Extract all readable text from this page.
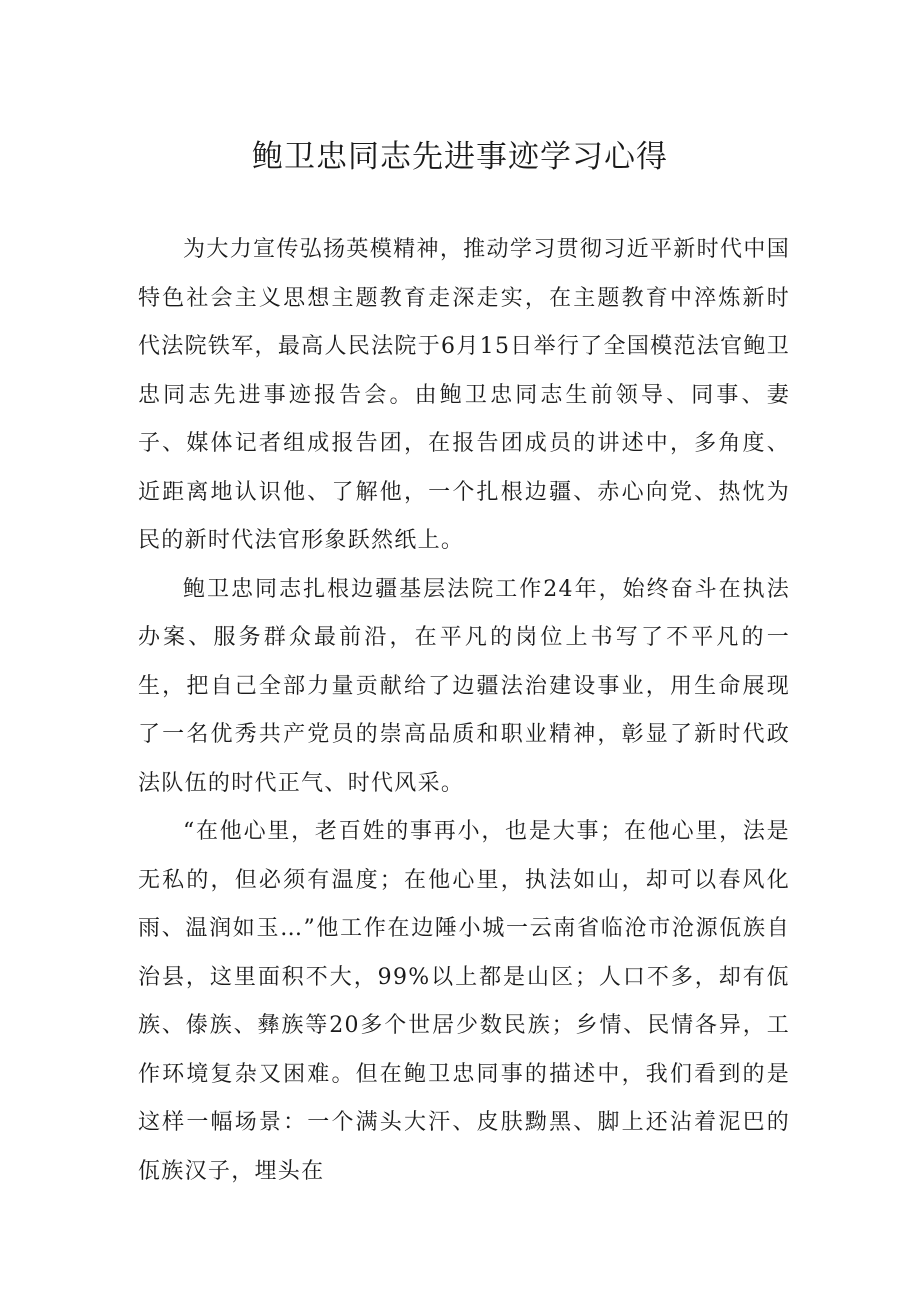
鲍卫忠同志先进事迹学习心得

为大力宣传弘扬英模精神，推动学习贯彻习近平新时代中国特色社会主义思想主题教育走深走实，在主题教育中淬炼新时代法院铁军，最高人民法院于6月15日举行了全国模范法官鲍卫忠同志先进事迹报告会。由鲍卫忠同志生前领导、同事、妻子、媒体记者组成报告团，在报告团成员的讲述中，多角度、近距离地认识他、了解他，一个扎根边疆、赤心向党、热忱为民的新时代法官形象跃然纸上。

鲍卫忠同志扎根边疆基层法院工作24年，始终奋斗在执法办案、服务群众最前沿，在平凡的岗位上书写了不平凡的一生，把自己全部力量贡献给了边疆法治建设事业，用生命展现了一名优秀共产党员的崇高品质和职业精神，彰显了新时代政法队伍的时代正气、时代风采。

“在他心里，老百姓的事再小，也是大事；在他心里，法是无私的，但必须有温度；在他心里，执法如山，却可以春风化雨、温润如玉…”他工作在边陲小城一云南省临沧市沧源佤族自治县，这里面积不大，99%以上都是山区；人口不多，却有佤族、傣族、彝族等20多个世居少数民族；乡情、民情各异，工作环境复杂又困难。但在鲍卫忠同事的描述中，我们看到的是这样一幅场景：一个满头大汗、皮肤黝黑、脚上还沾着泥巴的佤族汉子，埋头在
